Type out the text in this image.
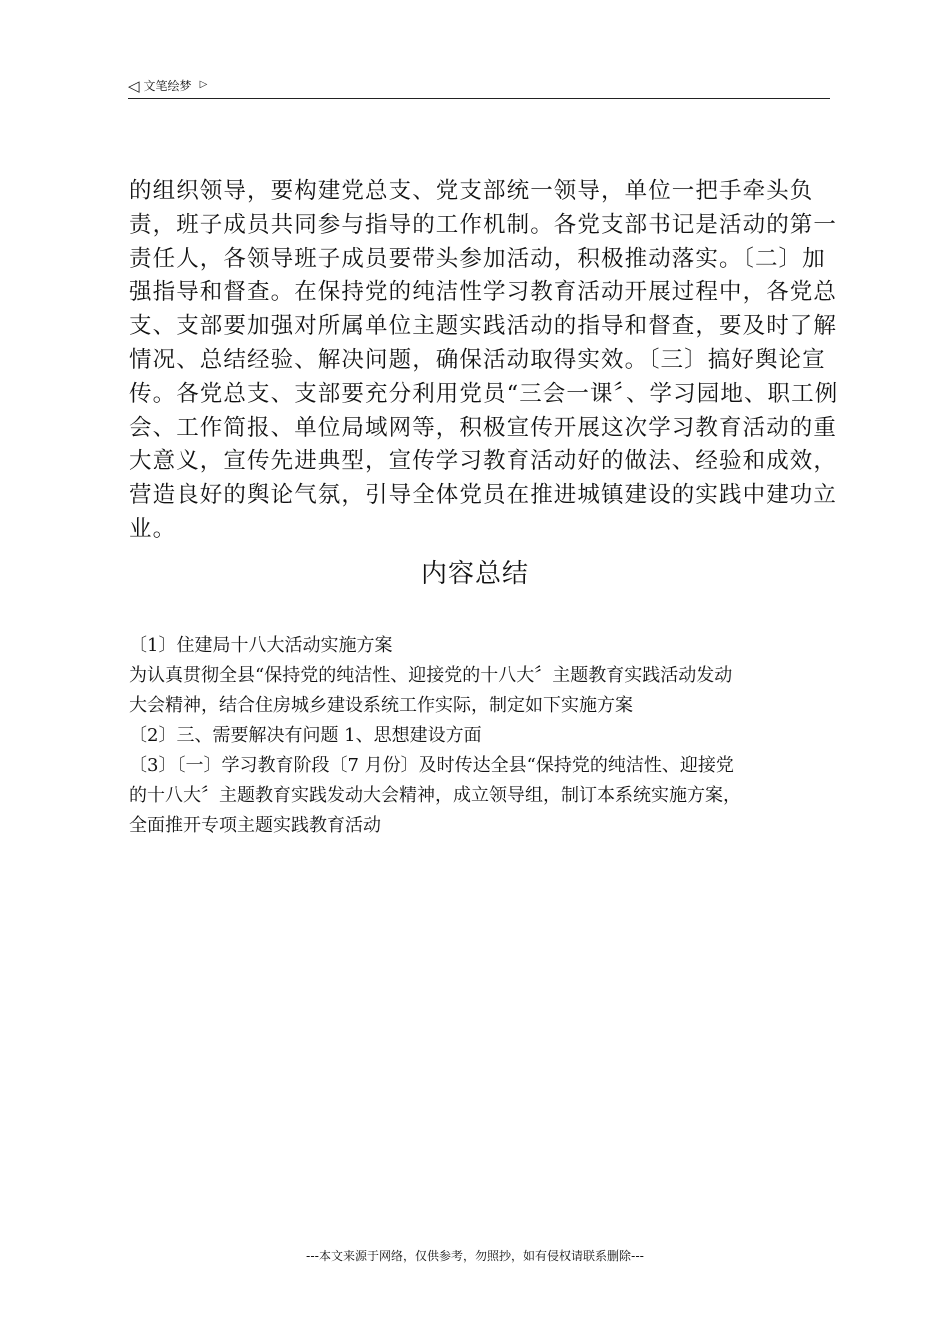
◁ 文笔绘梦 ▷

的组织领导，要构建党总支、党支部统一领导，单位一把手牵头负责，班子成员共同参与指导的工作机制。各党支部书记是活动的第一责任人，各领导班子成员要带头参加活动，积极推动落实。〔二〕加强指导和督查。在保持党的纯洁性学习教育活动开展过程中，各党总支、支部要加强对所属单位主题实践活动的指导和督查，要及时了解情况、总结经验、解决问题，确保活动取得实效。〔三〕搞好舆论宣传。各党总支、支部要充分利用党员“三会一课〞、学习园地、职工例会、工作简报、单位局域网等，积极宣传开展这次学习教育活动的重大意义，宣传先进典型，宣传学习教育活动好的做法、经验和成效，营造良好的舆论气氛，引导全体党员在推进城镇建设的实践中建功立业。

内容总结
〔1〕住建局十八大活动实施方案
为认真贯彻全县“保持党的纯洁性、迎接党的十八大〞主题教育实践活动发动
大会精神，结合住房城乡建设系统工作实际，制定如下实施方案
〔2〕三、需要解决有问题 1、思想建设方面
〔3〕〔一〕学习教育阶段〔7 月份〕及时传达全县“保持党的纯洁性、迎接党
的十八大〞主题教育实践发动大会精神，成立领导组，制订本系统实施方案，
全面推开专项主题实践教育活动
---本文来源于网络，仅供参考，勿照抄，如有侵权请联系删除---
